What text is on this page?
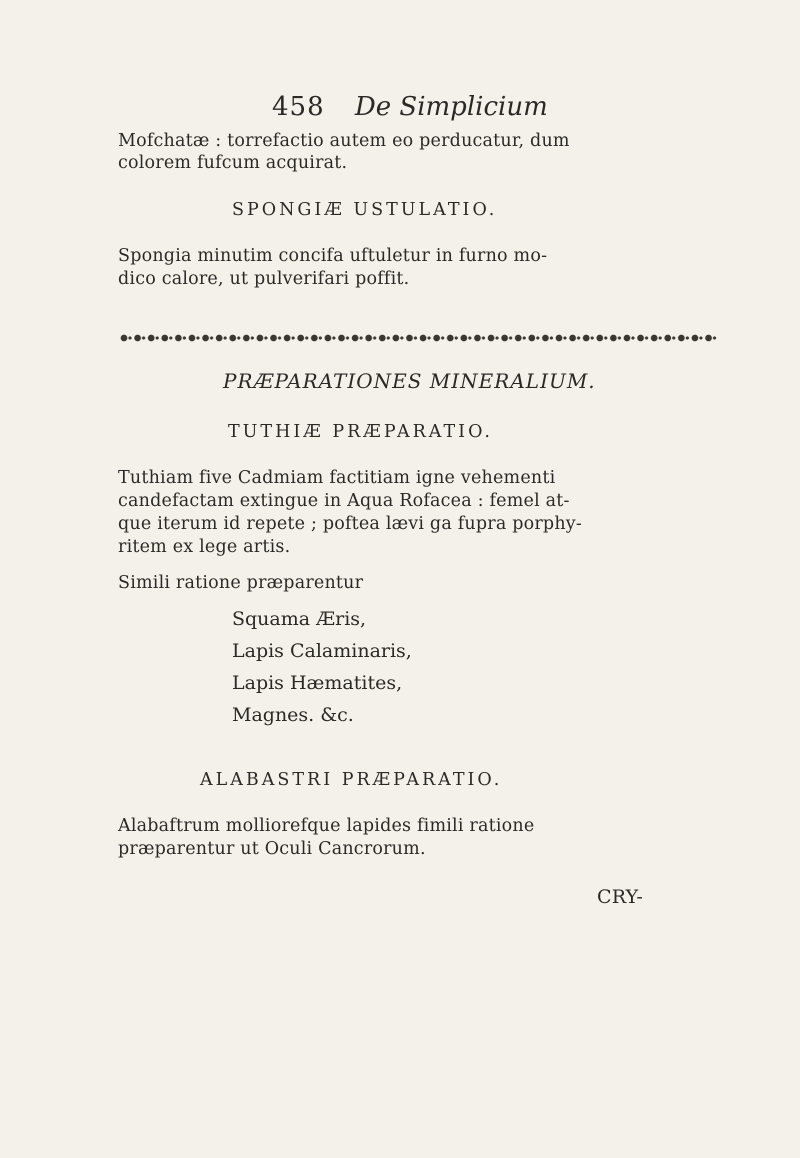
458 De Simplicium
Mofchatæ : torrefactio autem eo perducatur, dum
colorem fufcum acquirat.
SPONGIÆ USTULATIO.
Spongia minutim concifa uftuletur in furno mo-
dico calore, ut pulverifari poffit.
PRÆPARATIONES MINERALIUM.
TUTHIÆ PRÆPARATIO.
Tuthiam five Cadmiam factitiam igne vehementi
candefactam extingue in Aqua Rofacea : femel at-
que iterum id repete ; poftea lævi ga fupra porphy-
ritem ex lege artis.
Simili ratione præparentur
Squama Æris,
Lapis Calaminaris,
Lapis Hæmatites,
Magnes. &c.
ALABASTRI PRÆPARATIO.
Alabaftrum molliorefque lapides fimili ratione
præparentur ut Oculi Cancrorum.
CRY-
